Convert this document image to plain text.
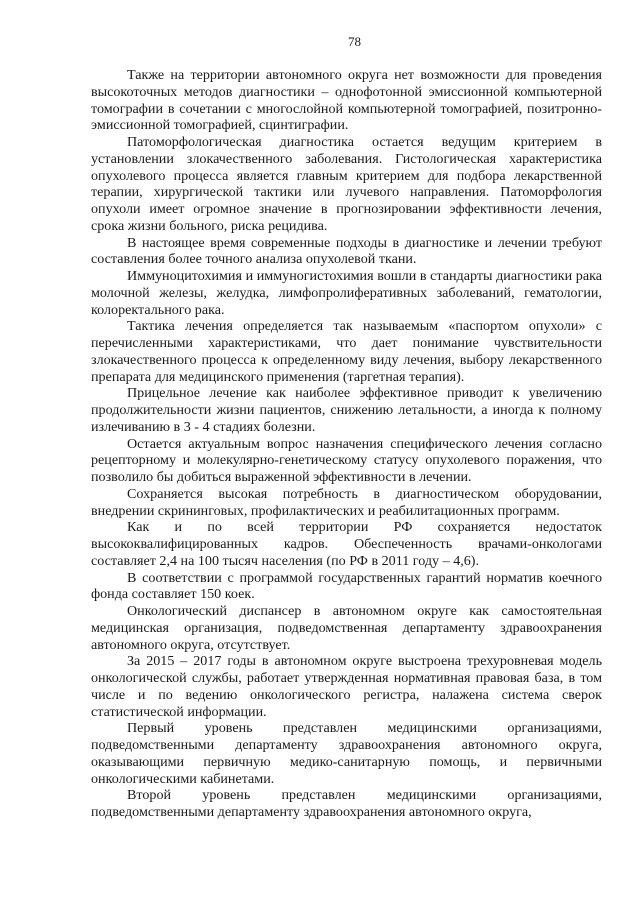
78

Также на территории автономного округа нет возможности для проведения высокоточных методов диагностики – однофотонной эмиссионной компьютерной томографии в сочетании с многослойной компьютерной томографией, позитронно-эмиссионной томографией, сцинтиграфии.

Патоморфологическая диагностика остается ведущим критерием в установлении злокачественного заболевания. Гистологическая характеристика опухолевого процесса является главным критерием для подбора лекарственной терапии, хирургической тактики или лучевого направления. Патоморфология опухоли имеет огромное значение в прогнозировании эффективности лечения, срока жизни больного, риска рецидива.

В настоящее время современные подходы в диагностике и лечении требуют составления более точного анализа опухолевой ткани.

Иммуноцитохимия и иммуногистохимия вошли в стандарты диагностики рака молочной железы, желудка, лимфопролиферативных заболеваний, гематологии, колоректального рака.

Тактика лечения определяется так называемым «паспортом опухоли» с перечисленными характеристиками, что дает понимание чувствительности злокачественного процесса к определенному виду лечения, выбору лекарственного препарата для медицинского применения (таргетная терапия).

Прицельное лечение как наиболее эффективное приводит к увеличению продолжительности жизни пациентов, снижению летальности, а иногда к полному излечиванию в 3 - 4 стадиях болезни.

Остается актуальным вопрос назначения специфического лечения согласно рецепторному и молекулярно-генетическому статусу опухолевого поражения, что позволило бы добиться выраженной эффективности в лечении.

Сохраняется высокая потребность в диагностическом оборудовании, внедрении скрининговых, профилактических и реабилитационных программ.

Как и по всей территории РФ сохраняется недостаток высококвалифицированных кадров. Обеспеченность врачами-онкологами составляет 2,4 на 100 тысяч населения (по РФ в 2011 году – 4,6).

В соответствии с программой государственных гарантий норматив коечного фонда составляет 150 коек.

Онкологический диспансер в автономном округе как самостоятельная медицинская организация, подведомственная департаменту здравоохранения автономного округа, отсутствует.

За 2015 – 2017 годы в автономном округе выстроена трехуровневая модель онкологической службы, работает утвержденная нормативная правовая база, в том числе и по ведению онкологического регистра, налажена система сверок статистической информации.

Первый уровень представлен медицинскими организациями, подведомственными департаменту здравоохранения автономного округа, оказывающими первичную медико-санитарную помощь, и первичными онкологическими кабинетами.

Второй уровень представлен медицинскими организациями, подведомственными департаменту здравоохранения автономного округа,
